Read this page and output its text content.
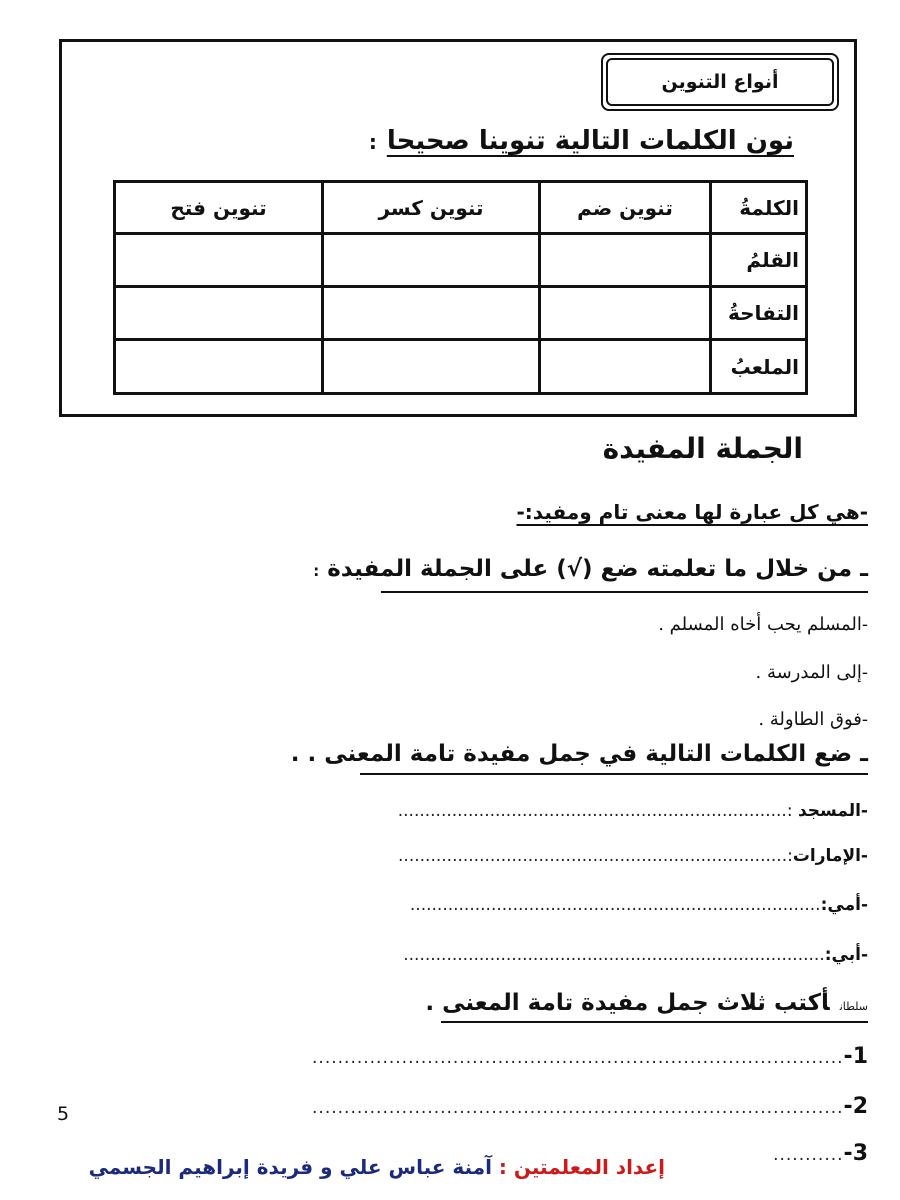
أنواع التنوين
نون الكلمات التالية تنوينا صحيحا:
الكلمةُ	تنوين ضم	تنوين كسر	تنوين فتح
القلمُ			
التفاحةُ			
الملعبُ			
الجملة المفيدة
-هي كل عبارة لها معنى تام ومفيد:-
ـ من خلال ما تعلمته ضع (√) على الجملة المفيدة :
-المسلم يحب أخاه المسلم .
-إلى المدرسة .
-فوق الطاولة .
ـ ضع الكلمات التالية في جمل مفيدة تامة المعنى . .
-المسجد :........................................................................
-الإمارات:........................................................................
-أمي:............................................................................
-أبي:..............................................................................
سلطانأكتب ثلاث جمل مفيدة تامة المعنى .
1-...................................................................................
2-...................................................................................
3-...........
5
إعداد المعلمتين : آمنة عباس علي و فريدة إبراهيم الجسمي
